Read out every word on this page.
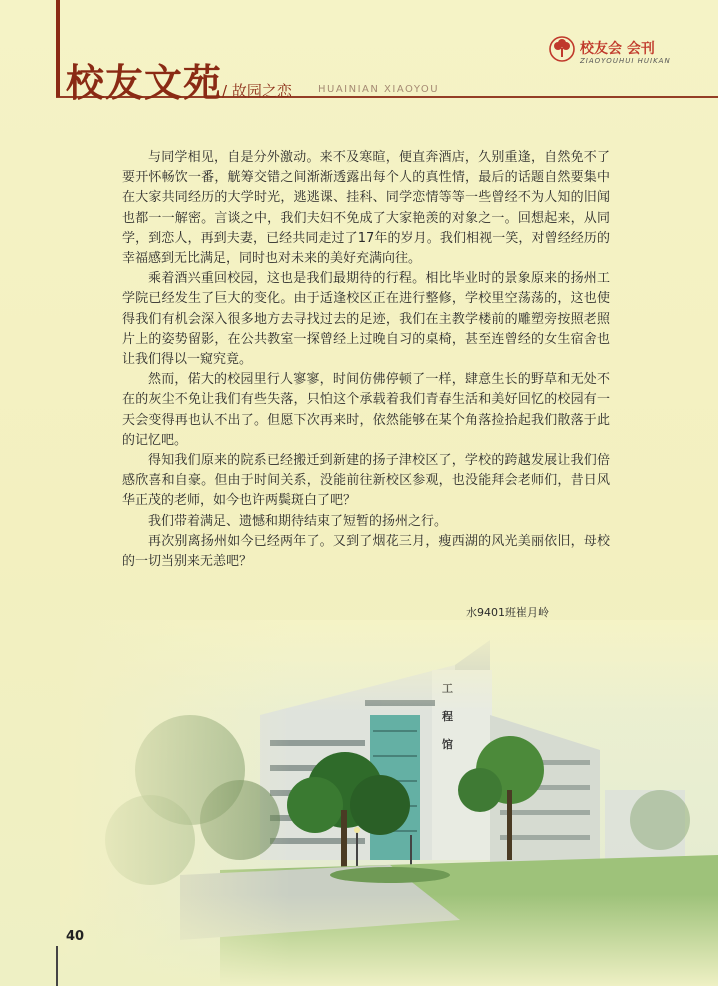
校友文苑 / 故园之恋	HUAINIAN XIAOYOU
校友会 会刊
ZIAOYOUHUI HUIKAN

与同学相见，自是分外激动。来不及寒暄，便直奔酒店，久别重逢，自然免不了要开怀畅饮一番，觥筹交错之间渐渐透露出每个人的真性情，最后的话题自然要集中在大家共同经历的大学时光，逃逃课、挂科、同学恋情等等一些曾经不为人知的旧闻也都一一解密。言谈之中，我们夫妇不免成了大家艳羡的对象之一。回想起来，从同学，到恋人，再到夫妻，已经共同走过了17年的岁月。我们相视一笑，对曾经经历的幸福感到无比满足，同时也对未来的美好充满向往。

乘着酒兴重回校园，这也是我们最期待的行程。相比毕业时的景象原来的扬州工学院已经发生了巨大的变化。由于适逢校区正在进行整修，学校里空荡荡的，这也使得我们有机会深入很多地方去寻找过去的足迹，我们在主教学楼前的雕塑旁按照老照片上的姿势留影，在公共教室一探曾经上过晚自习的桌椅，甚至连曾经的女生宿舍也让我们得以一窥究竟。

然而，偌大的校园里行人寥寥，时间仿佛停顿了一样，肆意生长的野草和无处不在的灰尘不免让我们有些失落，只怕这个承载着我们青春生活和美好回忆的校园有一天会变得再也认不出了。但愿下次再来时，依然能够在某个角落捡拾起我们散落于此的记忆吧。

得知我们原来的院系已经搬迁到新建的扬子津校区了，学校的跨越发展让我们倍感欣喜和自豪。但由于时间关系，没能前往新校区参观，也没能拜会老师们，昔日风华正茂的老师，如今也许两鬓斑白了吧？

我们带着满足、遗憾和期待结束了短暂的扬州之行。

再次别离扬州如今已经两年了。又到了烟花三月，瘦西湖的风光美丽依旧，母校的一切当别来无恙吧？

水9401班崔月岭
40
